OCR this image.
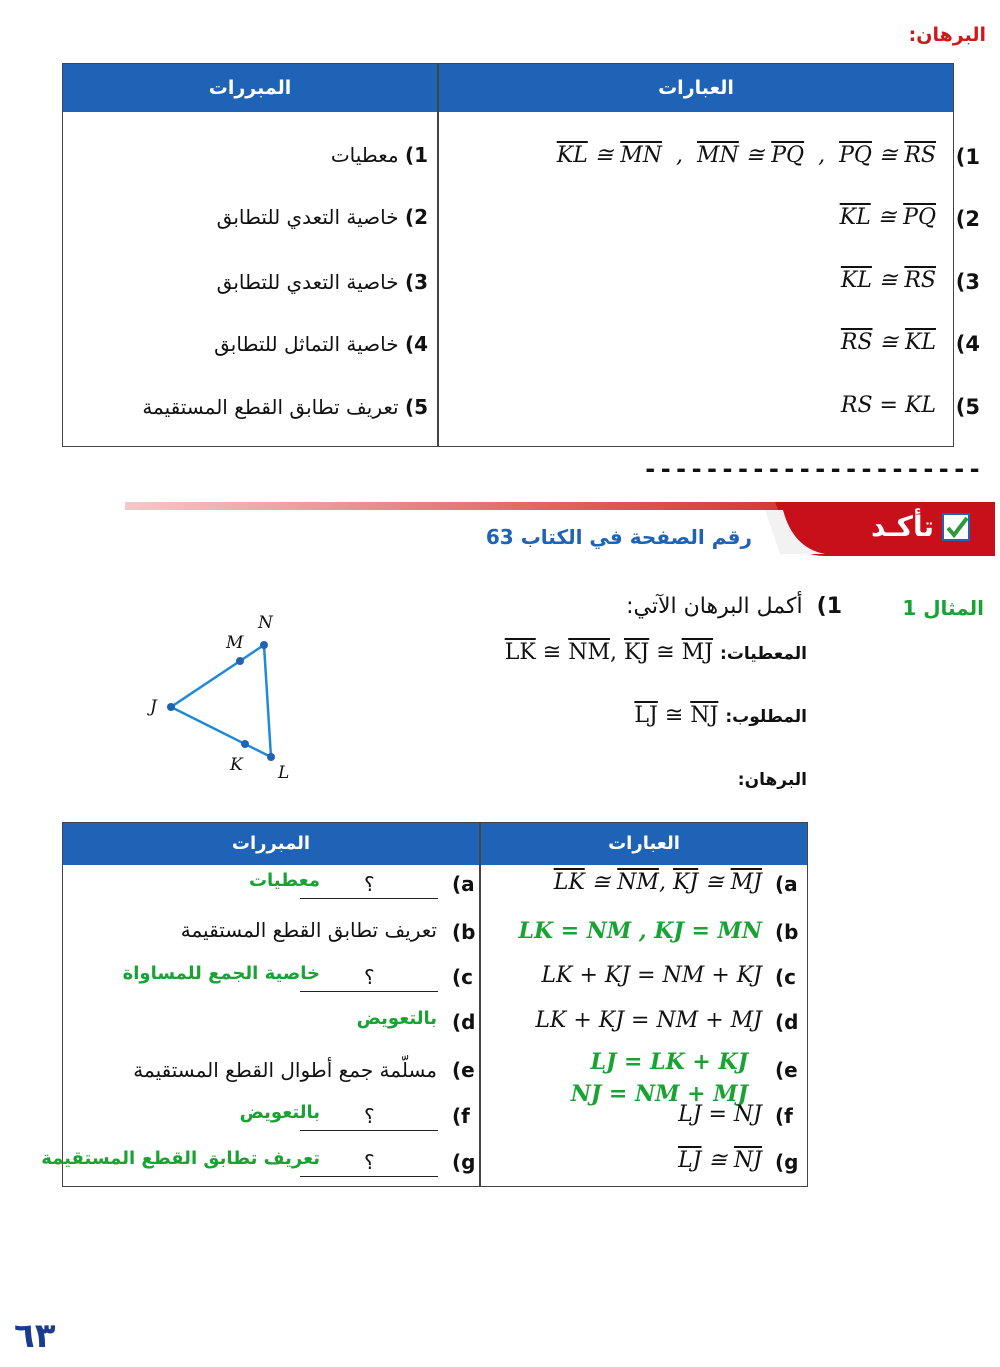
البرهان:
المبررات	العبارات
$\overline{KL}$ ≅ $\overline{MN}$ , $\overline{MN}$ ≅ $\overline{PQ}$ , $\overline{PQ}$ ≅ $\overline{RS}$ 1)
$\overline{KL}$ ≅ $\overline{PQ}$ 2)
$\overline{KL}$ ≅ $\overline{RS}$ 3)
$\overline{RS}$ ≅ $\overline{KL}$ 4)
RS = KL 5)
1) معطيات
2) خاصية التعدي للتطابق
3) خاصية التعدي للتطابق
4) خاصية التماثل للتطابق
5) تعريف تطابق القطع المستقيمة
----------------------
تأكـد
رقم الصفحة في الكتاب 63
المثال 1
1)  أكمل البرهان الآتي:
المعطيات: $\overline{LK}$ ≅ $\overline{NM}$, $\overline{KJ}$ ≅ $\overline{MJ}$
المطلوب: $\overline{LJ}$ ≅ $\overline{NJ}$
البرهان:
N
M
J
K L
المبررات	العبارات
a)
$\overline{LK}$ ≅ $\overline{NM}$, $\overline{KJ}$ ≅ $\overline{MJ}$
b)
LK = NM , KJ = MN
c)
LK + KJ = NM + KJ
d)
LK + KJ = NM + MJ
e)
LJ = LK + KJ
NJ = NM + MJ
f)
LJ = NJ
g)
$\overline{LJ}$ ≅ $\overline{NJ}$
a)
معطيات ؟
b)
تعريف تطابق القطع المستقيمة
c)
خاصية الجمع للمساواة ؟
d)
بالتعويض
e)
مسلّمة جمع أطوال القطع المستقيمة
f)
بالتعويض ؟
g)
تعريف تطابق القطع المستقيمة ؟
٦٣
